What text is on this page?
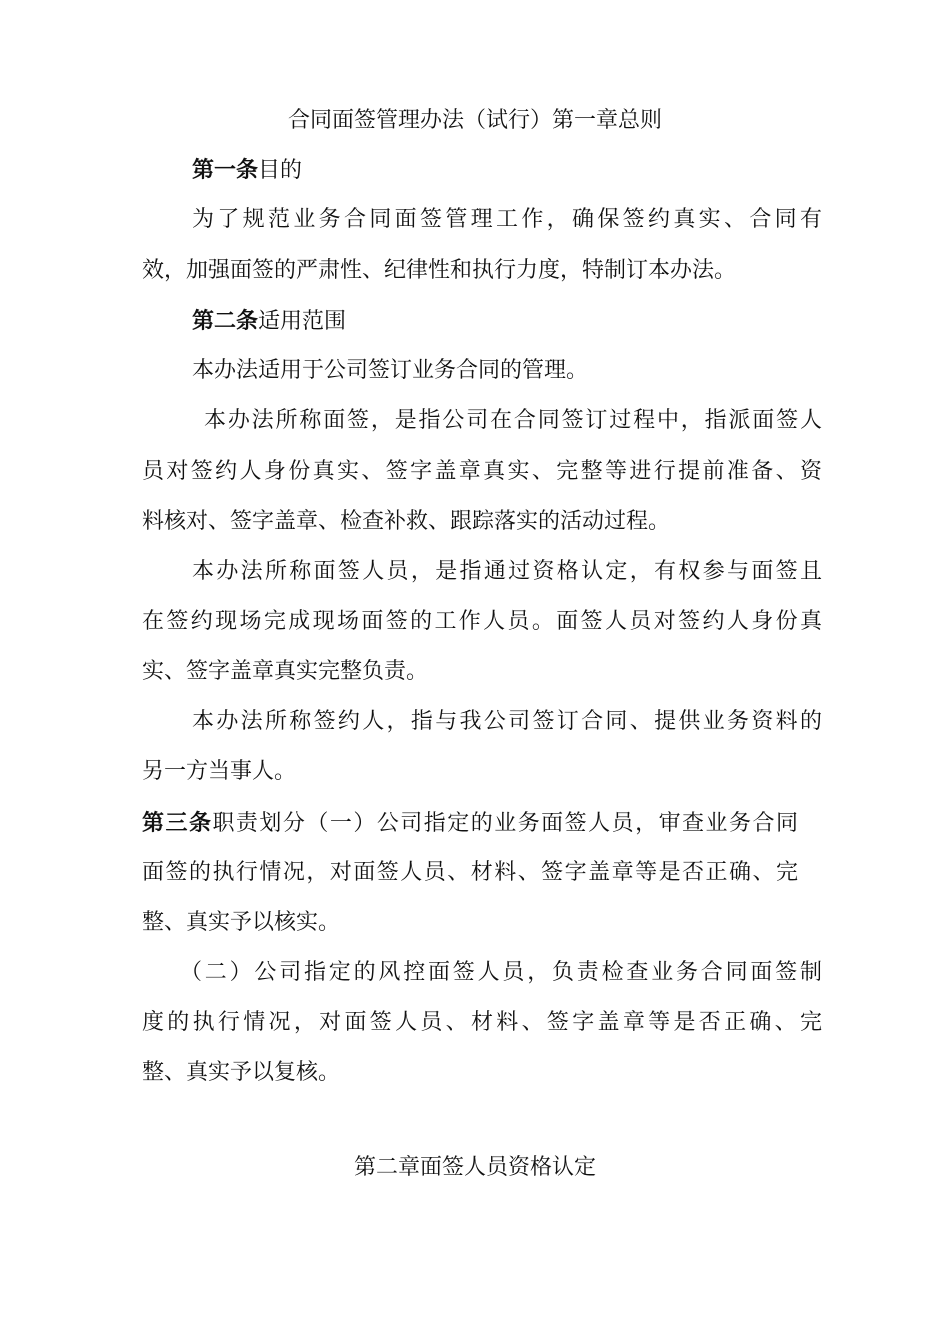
合同面签管理办法（试行）第一章总则
第一条目的
为了规范业务合同面签管理工作，确保签约真实、合同有
效，加强面签的严肃性、纪律性和执行力度，特制订本办法。
第二条适用范围
本办法适用于公司签订业务合同的管理。
本办法所称面签，是指公司在合同签订过程中，指派面签人
员对签约人身份真实、签字盖章真实、完整等进行提前准备、资
料核对、签字盖章、检查补救、跟踪落实的活动过程。
本办法所称面签人员，是指通过资格认定，有权参与面签且
在签约现场完成现场面签的工作人员。面签人员对签约人身份真
实、签字盖章真实完整负责。
本办法所称签约人，指与我公司签订合同、提供业务资料的
另一方当事人。
第三条职责划分（一）公司指定的业务面签人员，审查业务合同
面签的执行情况，对面签人员、材料、签字盖章等是否正确、完
整、真实予以核实。
（二）公司指定的风控面签人员，负责检查业务合同面签制
度的执行情况，对面签人员、材料、签字盖章等是否正确、完
整、真实予以复核。
第二章面签人员资格认定
